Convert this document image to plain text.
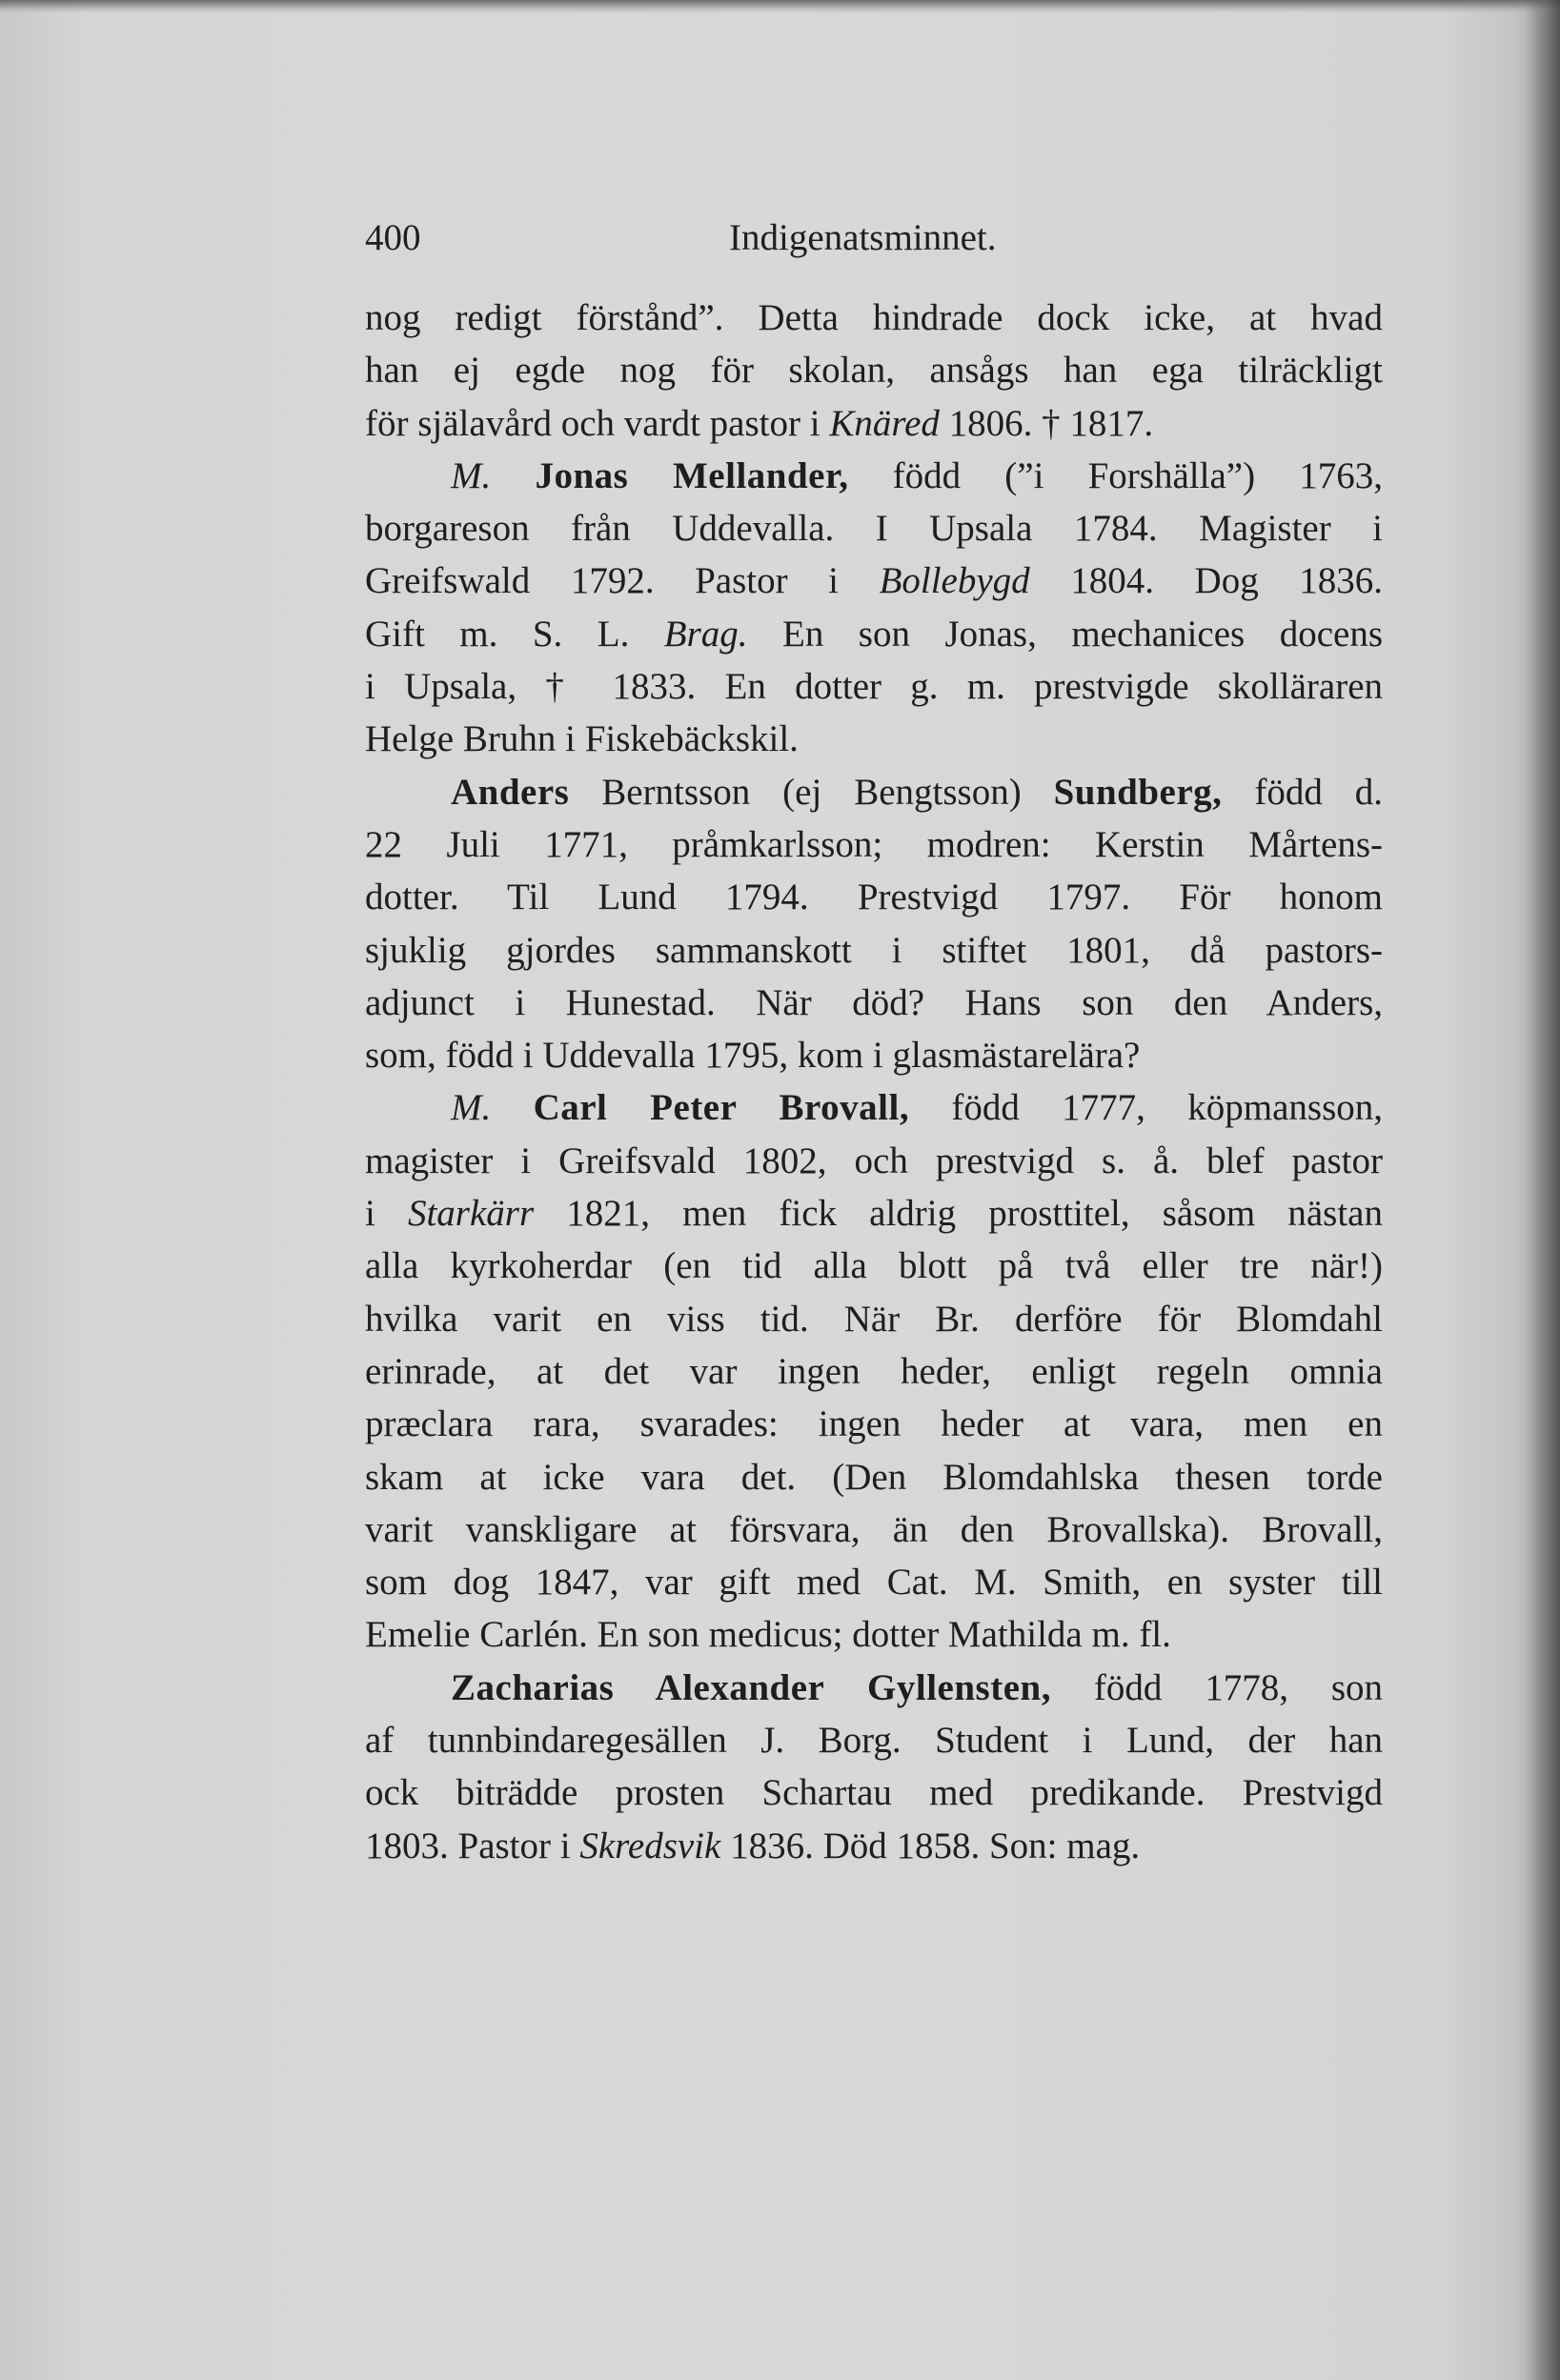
400	Indigenatsminnet.
nog redigt förstånd”. Detta hindrade dock icke, at hvad
han ej egde nog för skolan, ansågs han ega tilräckligt
för själavård och vardt pastor i Knäred 1806. † 1817.
M. Jonas Mellander, född (”i Forshälla”) 1763,
borgareson från Uddevalla. I Upsala 1784. Magister i
Greifswald 1792. Pastor i Bollebygd 1804. Dog 1836.
Gift m. S. L. Brag. En son Jonas, mechanices docens
i Upsala, † 1833. En dotter g. m. prestvigde skolläraren
Helge Bruhn i Fiskebäckskil.
Anders Berntsson (ej Bengtsson) Sundberg, född d.
22 Juli 1771, pråmkarlsson; modren: Kerstin Mårtens-
dotter. Til Lund 1794. Prestvigd 1797. För honom
sjuklig gjordes sammanskott i stiftet 1801, då pastors-
adjunct i Hunestad. När död? Hans son den Anders,
som, född i Uddevalla 1795, kom i glasmästarelära?
M. Carl Peter Brovall, född 1777, köpmansson,
magister i Greifsvald 1802, och prestvigd s. å. blef pastor
i Starkärr 1821, men fick aldrig prosttitel, såsom nästan
alla kyrkoherdar (en tid alla blott på två eller tre när!)
hvilka varit en viss tid. När Br. derföre för Blomdahl
erinrade, at det var ingen heder, enligt regeln omnia
præclara rara, svarades: ingen heder at vara, men en
skam at icke vara det. (Den Blomdahlska thesen torde
varit vanskligare at försvara, än den Brovallska). Brovall,
som dog 1847, var gift med Cat. M. Smith, en syster till
Emelie Carlén. En son medicus; dotter Mathilda m. fl.
Zacharias Alexander Gyllensten, född 1778, son
af tunnbindaregesällen J. Borg. Student i Lund, der han
ock biträdde prosten Schartau med predikande. Prestvigd
1803. Pastor i Skredsvik 1836. Död 1858. Son: mag.
